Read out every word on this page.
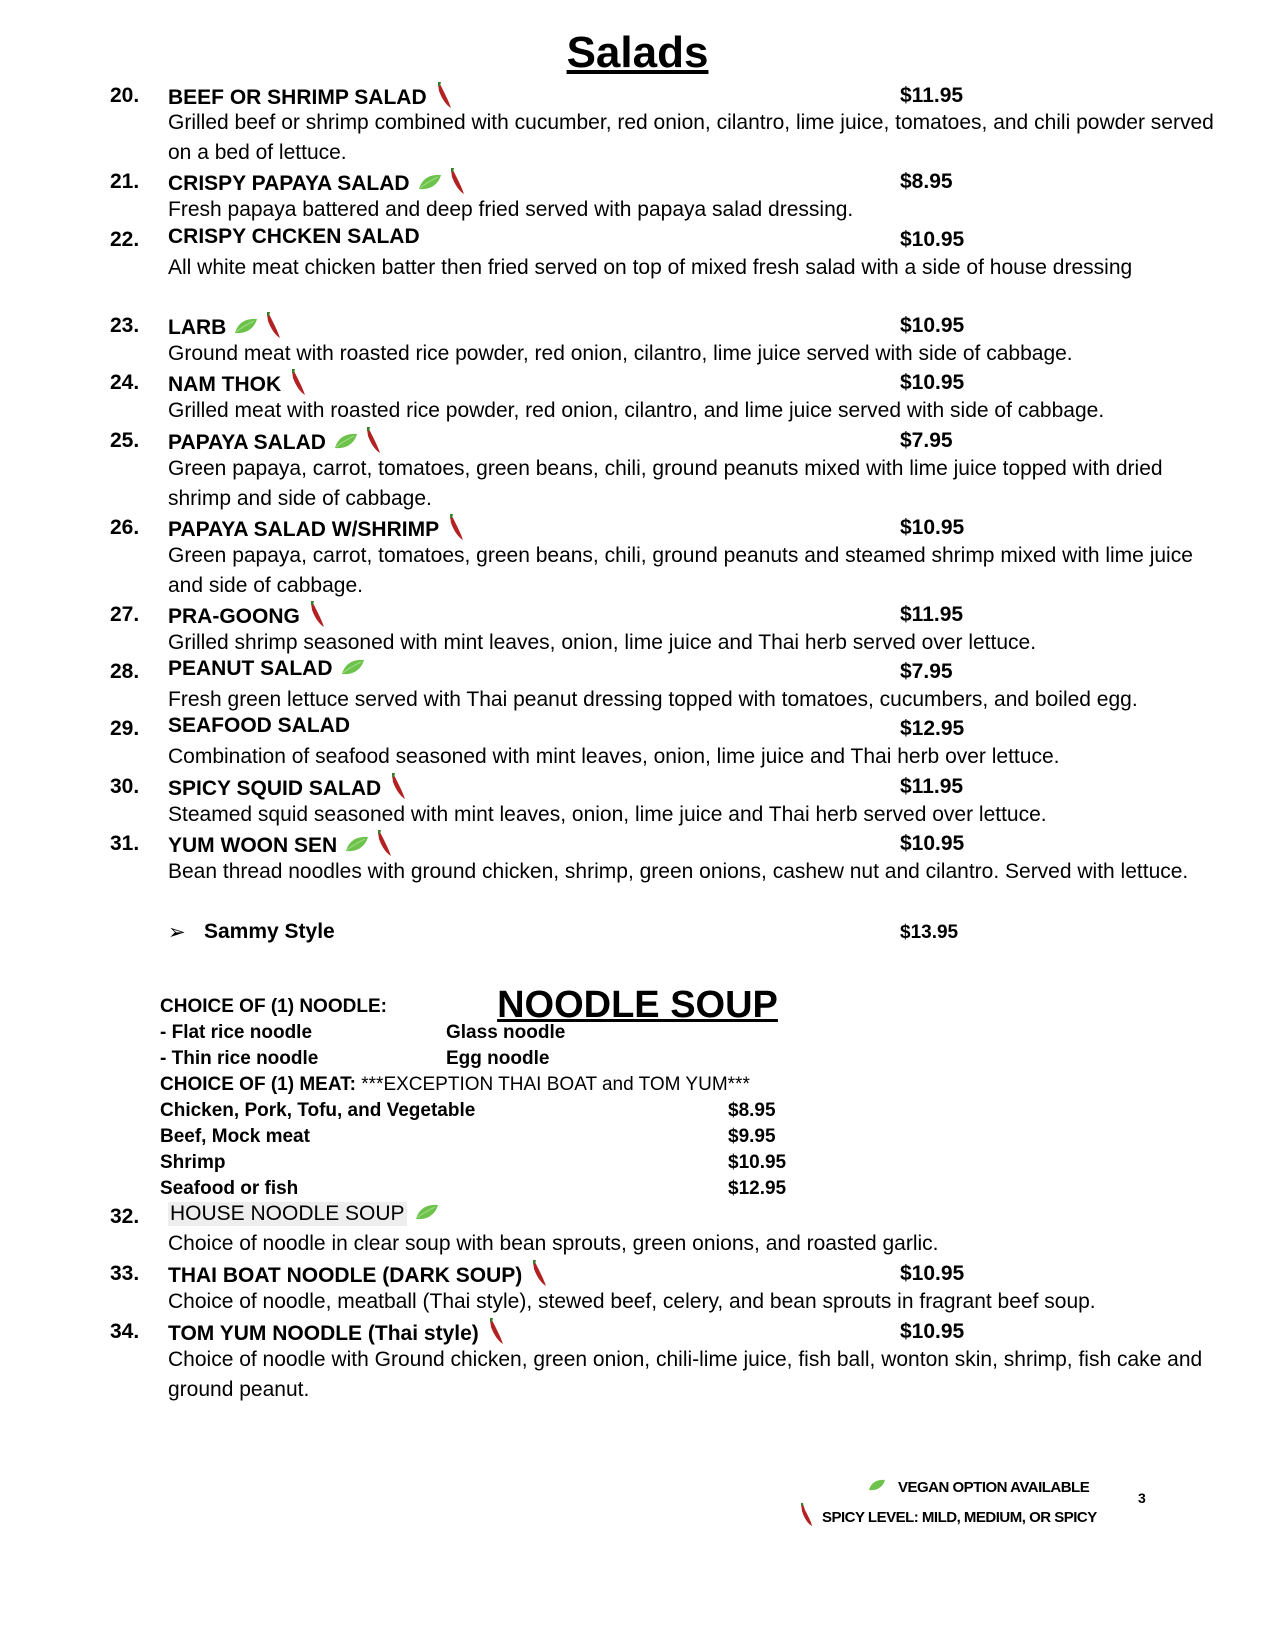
Salads
NOODLE SOUP
20. BEEF OR SHRIMP SALAD	$11.95
Grilled beef or shrimp combined with cucumber, red onion, cilantro, lime juice, tomatoes, and chili powder served on a bed of lettuce.
21. CRISPY PAPAYA SALAD	$8.95
Fresh papaya battered and deep fried served with papaya salad dressing.
22. CRISPY CHCKEN SALAD	$10.95
All white meat chicken batter then fried served on top of mixed fresh salad with a side of house dressing
23. LARB	$10.95
Ground meat with roasted rice powder, red onion, cilantro, lime juice served with side of cabbage.
24. NAM THOK	$10.95
Grilled meat with roasted rice powder, red onion, cilantro, and lime juice served with side of cabbage.
25. PAPAYA SALAD	$7.95
Green papaya, carrot, tomatoes, green beans, chili, ground peanuts mixed with lime juice topped with dried shrimp and side of cabbage.
26. PAPAYA SALAD W/SHRIMP	$10.95
Green papaya, carrot, tomatoes, green beans, chili, ground peanuts and steamed shrimp mixed with lime juice and side of cabbage.
27. PRA-GOONG	$11.95
Grilled shrimp seasoned with mint leaves, onion, lime juice and Thai herb served over lettuce.
28. PEANUT SALAD	$7.95
Fresh green lettuce served with Thai peanut dressing topped with tomatoes, cucumbers, and boiled egg.
29. SEAFOOD SALAD	$12.95
Combination of seafood seasoned with mint leaves, onion, lime juice and Thai herb over lettuce.
30. SPICY SQUID SALAD	$11.95
Steamed squid seasoned with mint leaves, onion, lime juice and Thai herb served over lettuce.
31. YUM WOON SEN	$10.95
Bean thread noodles with ground chicken, shrimp, green onions, cashew nut and cilantro. Served with lettuce.
➢ Sammy Style	$13.95
CHOICE OF (1) NOODLE:
- Flat rice noodle	Glass noodle
- Thin rice noodle	Egg noodle
CHOICE OF (1) MEAT: ***EXCEPTION THAI BOAT and TOM YUM***
Chicken, Pork, Tofu, and Vegetable	$8.95
Beef, Mock meat	$9.95
Shrimp	$10.95
Seafood or fish	$12.95
32. HOUSE NOODLE SOUP
Choice of noodle in clear soup with bean sprouts, green onions, and roasted garlic.
33. THAI BOAT NOODLE (DARK SOUP)	$10.95
Choice of noodle, meatball (Thai style), stewed beef, celery, and bean sprouts in fragrant beef soup.
34. TOM YUM NOODLE (Thai style)	$10.95
Choice of noodle with Ground chicken, green onion, chili-lime juice, fish ball, wonton skin, shrimp, fish cake and ground peanut.
VEGAN OPTION AVAILABLE
SPICY LEVEL: MILD, MEDIUM, OR SPICY
3
